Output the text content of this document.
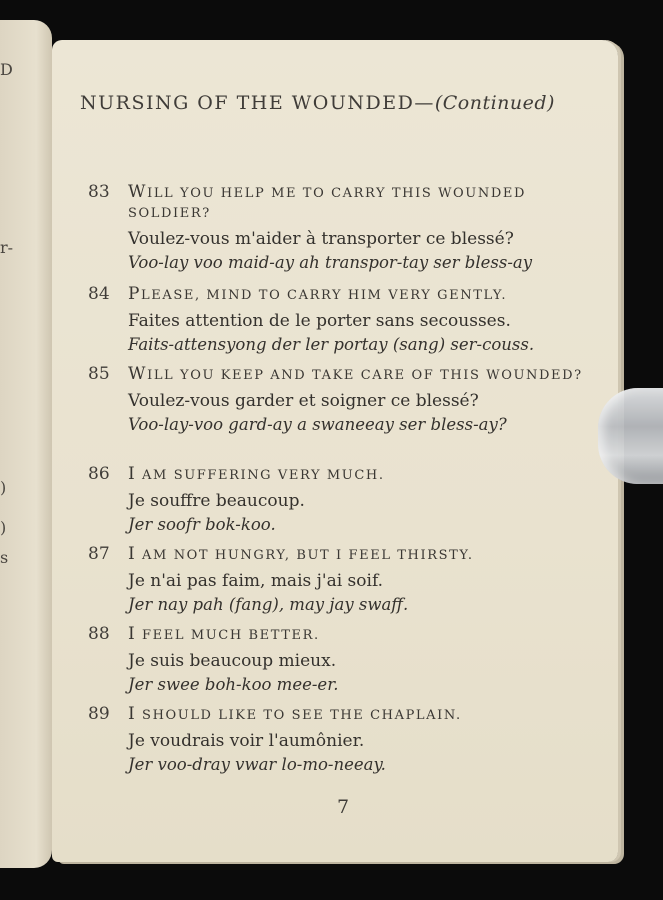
D
r-
)
)
s
NURSING OF THE WOUNDED—(Continued)
83 WILL YOU HELP ME TO CARRY THIS WOUNDED SOLDIER?
Voulez-vous m'aider à transporter ce blessé?
Voo-lay voo maid-ay ah transpor-tay ser bless-ay
84 PLEASE, MIND TO CARRY HIM VERY GENTLY.
Faites attention de le porter sans secousses.
Faits-attensyong der ler portay (sang) ser-couss.
85 WILL YOU KEEP AND TAKE CARE OF THIS WOUNDED?
Voulez-vous garder et soigner ce blessé?
Voo-lay-voo gard-ay a swaneeay ser bless-ay?
86 I AM SUFFERING VERY MUCH.
Je souffre beaucoup.
Jer soofr bok-koo.
87 I AM NOT HUNGRY, BUT I FEEL THIRSTY.
Je n'ai pas faim, mais j'ai soif.
Jer nay pah (fang), may jay swaff.
88 I FEEL MUCH BETTER.
Je suis beaucoup mieux.
Jer swee boh-koo mee-er.
89 I SHOULD LIKE TO SEE THE CHAPLAIN.
Je voudrais voir l'aumônier.
Jer voo-dray vwar lo-mo-neeay.
7
